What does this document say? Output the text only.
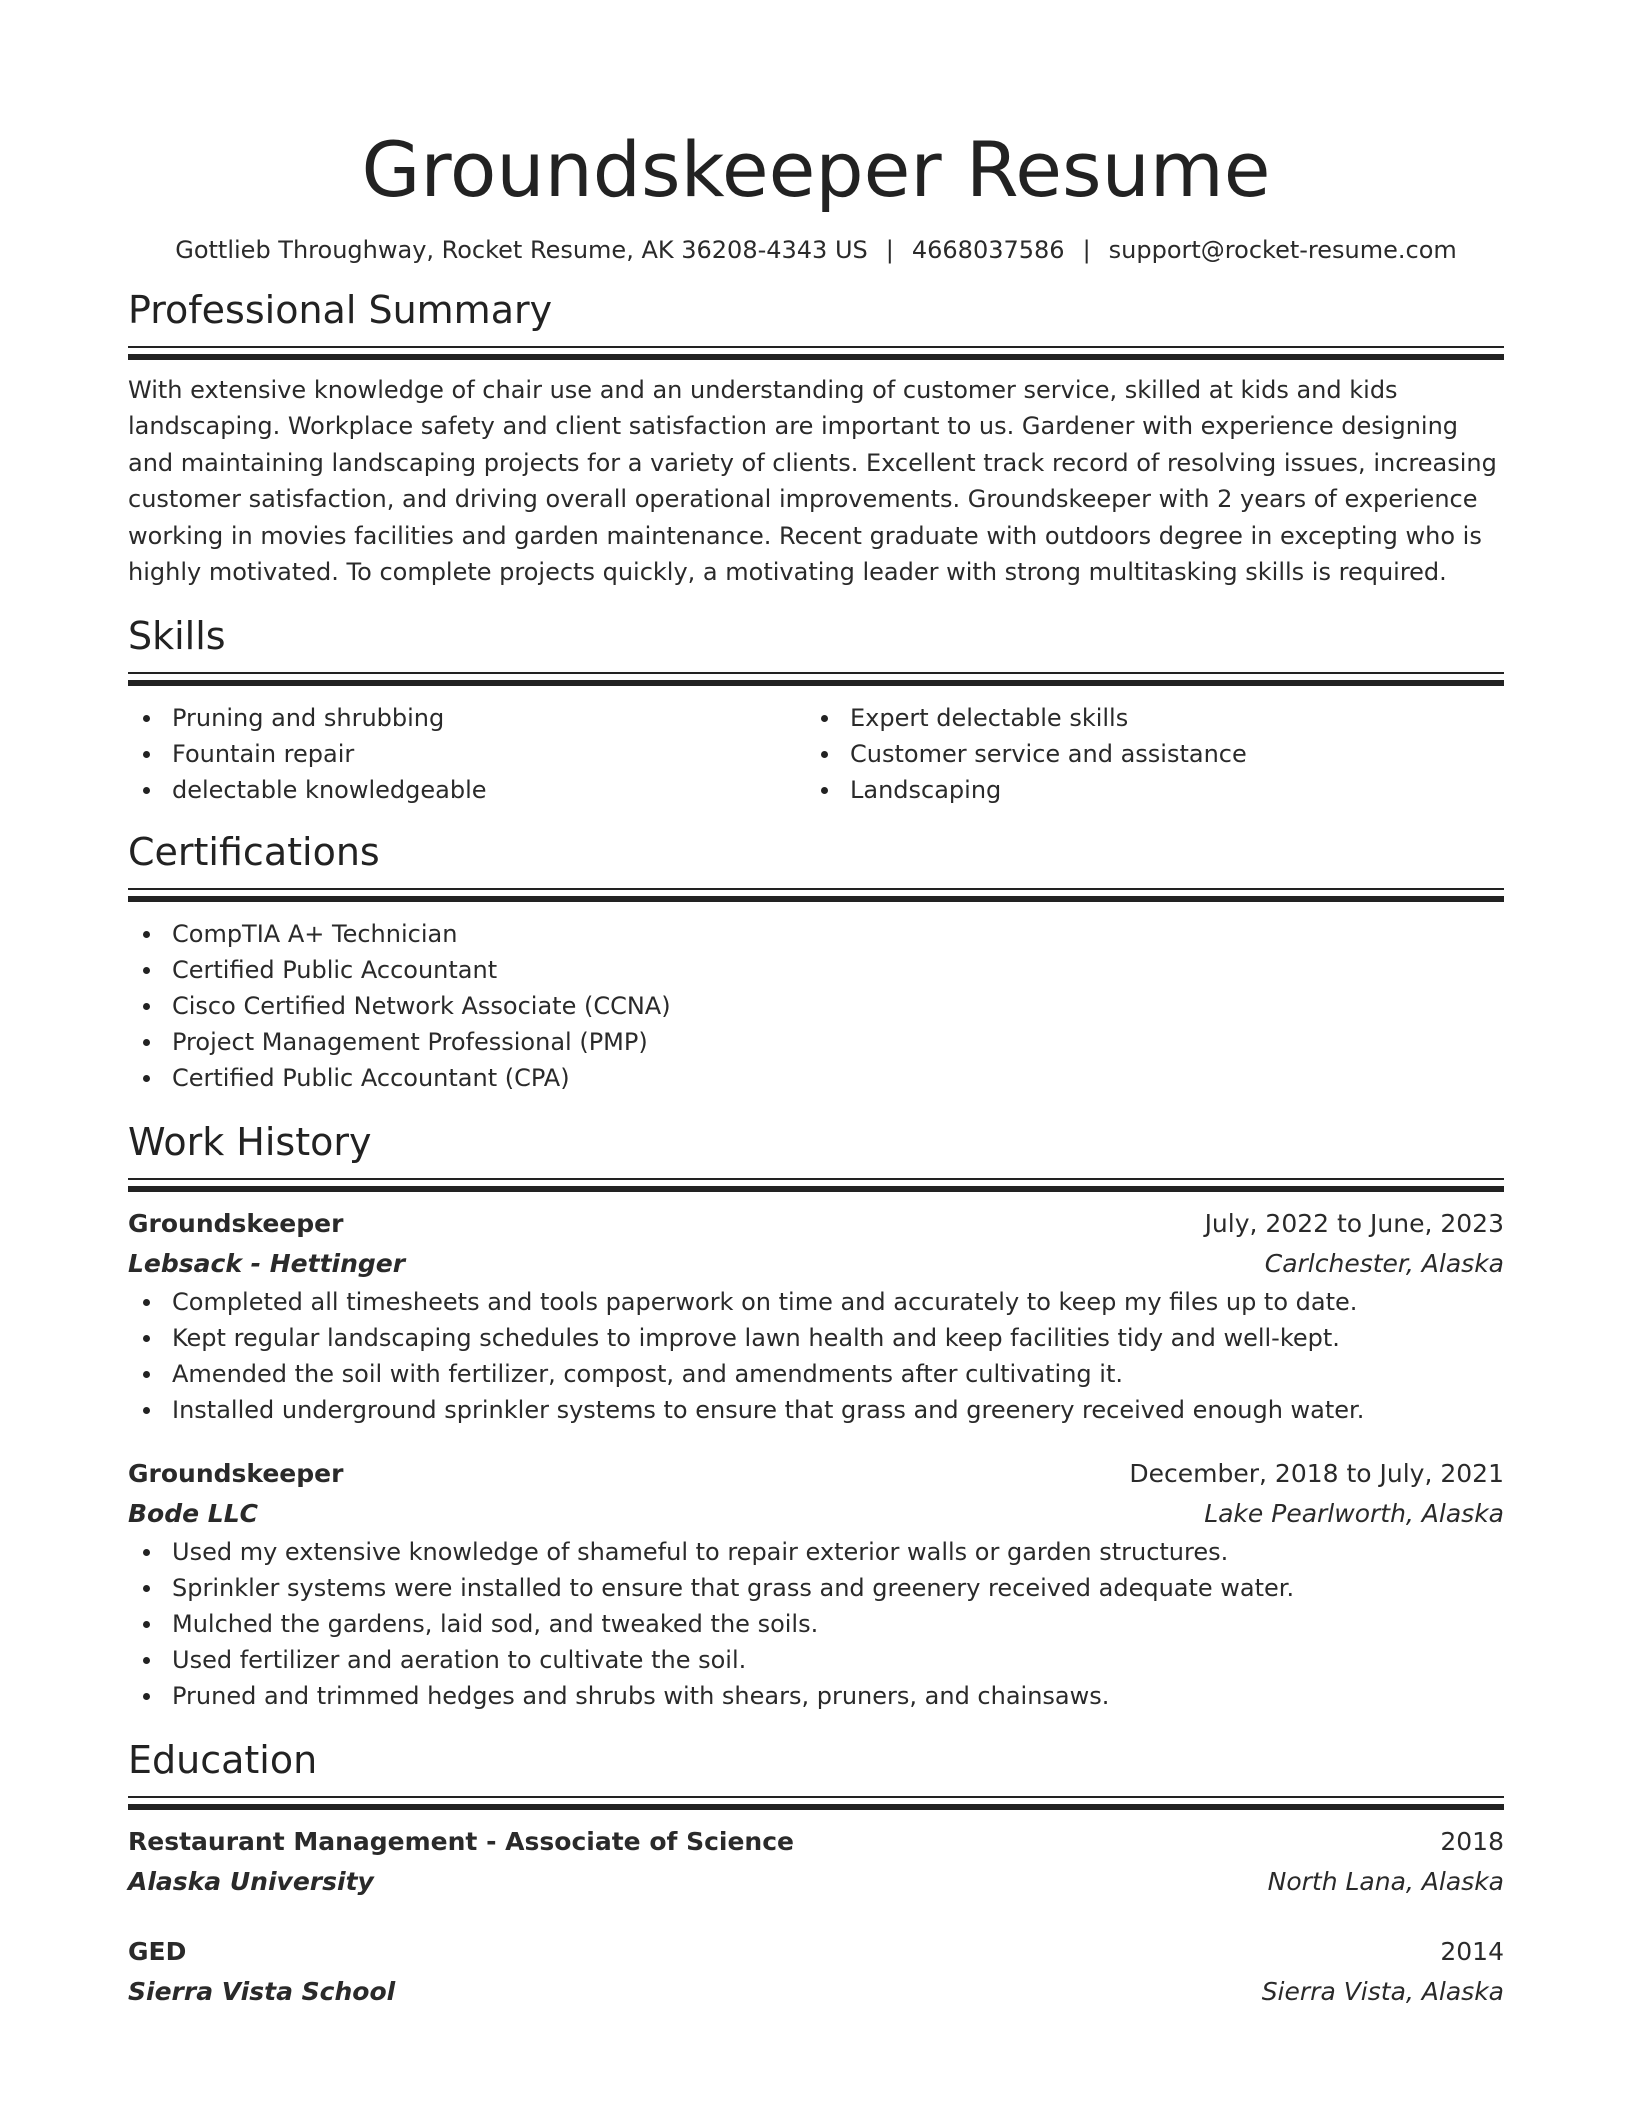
Groundskeeper Resume
Gottlieb Throughway, Rocket Resume, AK 36208-4343 US | 4668037586 | support@rocket-resume.com
Professional Summary

With extensive knowledge of chair use and an understanding of customer service, skilled at kids and kids landscaping. Workplace safety and client satisfaction are important to us. Gardener with experience designing and maintaining landscaping projects for a variety of clients. Excellent track record of resolving issues, increasing customer satisfaction, and driving overall operational improvements. Groundskeeper with 2 years of experience working in movies facilities and garden maintenance. Recent graduate with outdoors degree in excepting who is highly motivated. To complete projects quickly, a motivating leader with strong multitasking skills is required.

Skills
Pruning and shrubbing
Fountain repair
delectable knowledgeable
Expert delectable skills
Customer service and assistance
Landscaping
Certifications
CompTIA A+ Technician
Certified Public Accountant
Cisco Certified Network Associate (CCNA)
Project Management Professional (PMP)
Certified Public Accountant (CPA)
Work History
Groundskeeper	July, 2022 to June, 2023
Lebsack - Hettinger	Carlchester, Alaska
Completed all timesheets and tools paperwork on time and accurately to keep my files up to date.
Kept regular landscaping schedules to improve lawn health and keep facilities tidy and well-kept.
Amended the soil with fertilizer, compost, and amendments after cultivating it.
Installed underground sprinkler systems to ensure that grass and greenery received enough water.
Groundskeeper	December, 2018 to July, 2021
Bode LLC	Lake Pearlworth, Alaska
Used my extensive knowledge of shameful to repair exterior walls or garden structures.
Sprinkler systems were installed to ensure that grass and greenery received adequate water.
Mulched the gardens, laid sod, and tweaked the soils.
Used fertilizer and aeration to cultivate the soil.
Pruned and trimmed hedges and shrubs with shears, pruners, and chainsaws.
Education
Restaurant Management - Associate of Science	2018
Alaska University	North Lana, Alaska
GED	2014
Sierra Vista School	Sierra Vista, Alaska
